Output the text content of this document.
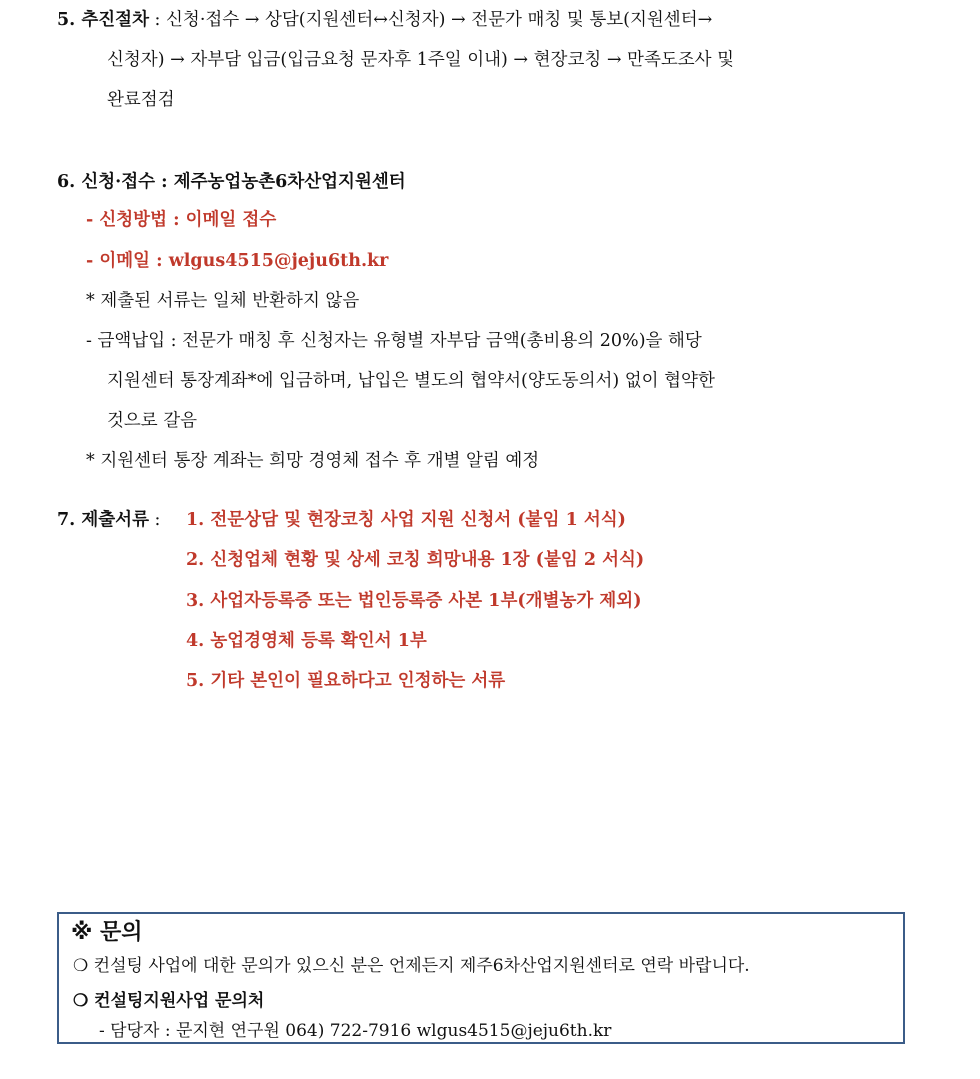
5. 추진절차 : 신청·접수 → 상담(지원센터↔신청자) → 전문가 매칭 및 통보(지원센터→
신청자) → 자부담 입금(입금요청 문자후 1주일 이내) → 현장코칭 → 만족도조사 및
완료점검
6. 신청·접수 : 제주농업농촌6차산업지원센터
- 신청방법 : 이메일 접수
- 이메일 : wlgus4515@jeju6th.kr
* 제출된 서류는 일체 반환하지 않음
- 금액납입 : 전문가 매칭 후 신청자는 유형별 자부담 금액(총비용의 20%)을 해당
지원센터 통장계좌*에 입금하며, 납입은 별도의 협약서(양도동의서) 없이 협약한
것으로 갈음
* 지원센터 통장 계좌는 희망 경영체 접수 후 개별 알림 예정
7. 제출서류 : 1. 전문상담 및 현장코칭 사업 지원 신청서 (붙임 1 서식)
2. 신청업체 현황 및 상세 코칭 희망내용 1장 (붙임 2 서식)
3. 사업자등록증 또는 법인등록증 사본 1부(개별농가 제외)
4. 농업경영체 등록 확인서 1부
5. 기타 본인이 필요하다고 인정하는 서류
※ 문의
❍ 컨설팅 사업에 대한 문의가 있으신 분은 언제든지 제주6차산업지원센터로 연락 바랍니다.
❍ 컨설팅지원사업 문의처
- 담당자 : 문지현 연구원 064) 722-7916 wlgus4515@jeju6th.kr
